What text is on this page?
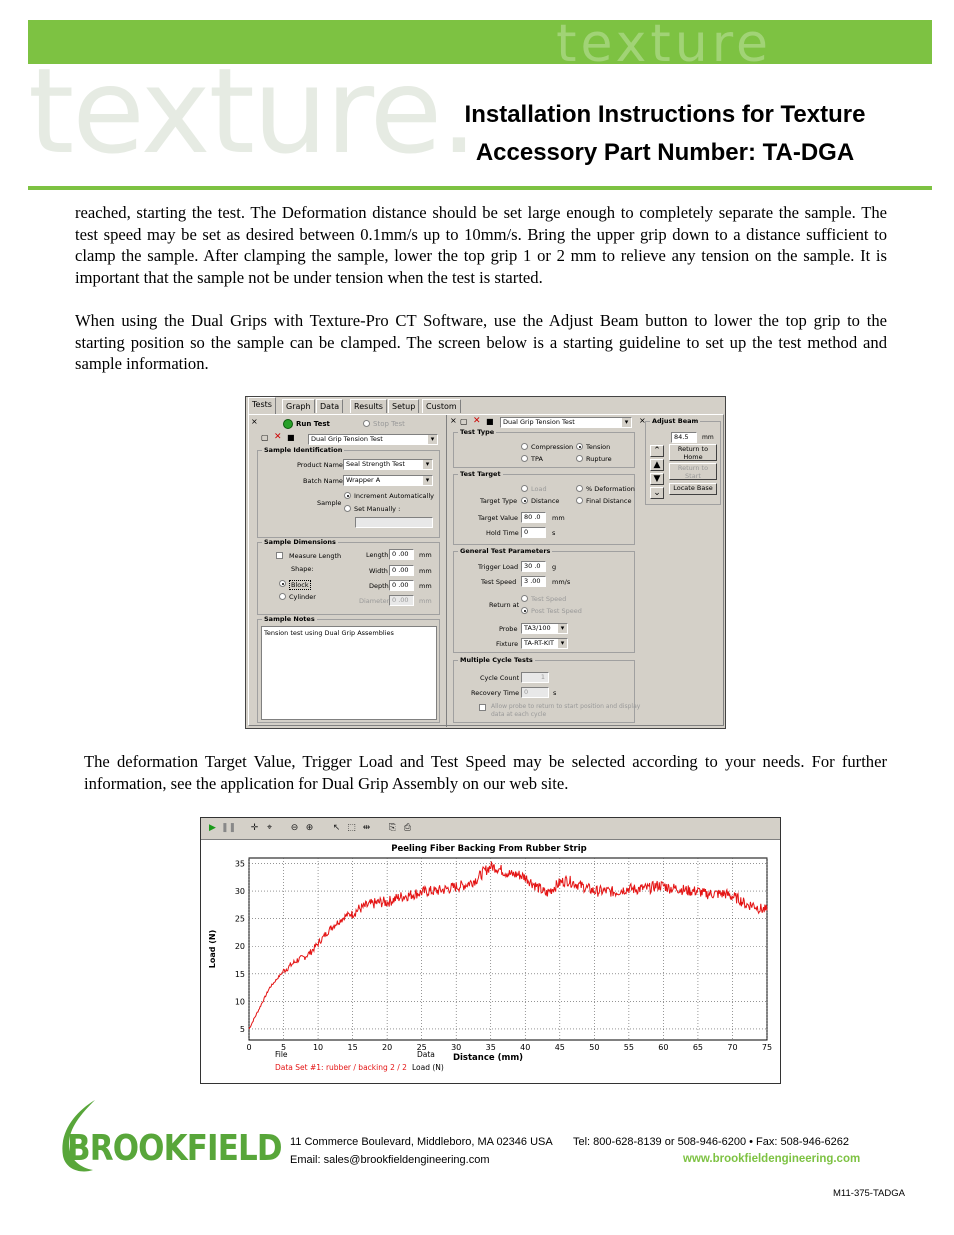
texture
texture.
Installation Instructions for Texture
Accessory Part Number: TA-DGA

reached, starting the test. The Deformation distance should be set large enough to completely separate the sample. The test speed may be set as desired between 0.1mm/s up to 10mm/s. Bring the upper grip down to a distance sufficient to clamp the sample. After clamping the sample, lower the top grip 1 or 2 mm to relieve any tension on the sample. It is important that the sample not be under tension when the test is started.

When using the Dual Grips with Texture-Pro CT Software, use the Adjust Beam button to lower the top grip to the starting position so the sample can be clamped. The screen below is a starting guideline to set up the test method and sample information.

Tests	Graph	Data	Results	Setup	Custom
×	Run Test	Stop Test
▢ ✕ ■	Dual Grip Tension Test ▾
Sample Identification
Product Name Seal Strength Test ▾
Batch Name Wrapper A ▾
Sample
Increment Automatically
Set Manually :
Sample Dimensions
Measure Length
Shape:
Block
Cylinder
Length 0 .00	mm
Width 0 .00	mm
Depth 0 .00	mm
Diameter 0 .00	mm
Sample Notes
Tension test using Dual Grip Assemblies
× ▢ ✕ ■	Dual Grip Tension Test ▾
Test Type
Compression Tension
TPA	Rupture
Test Target
Load	% Deformation
Target Type Distance	Final Distance
Target Value 80 .0	mm
Hold Time 0	s
General Test Parameters
Trigger Load 30 .0	g
Test Speed	3 .00	mm/s
Return at
Test Speed
Post Test Speed
Probe	TA3/100 ▾
Fixture TA-RT-KIT ▾
Multiple Cycle Tests
Cycle Count	1
Recovery Time 0	s
Allow probe to return to start position and display
data at each cycle
× Adjust Beam
84.5	mm
⌃
▲
▼
⌄
Return to Home
Return to Start
Locate Base

The deformation Target Value, Trigger Load and Test Speed may be selected according to your needs. For further information, see the application for Dual Grip Assembly on our web site.

▶ ❚❚	✛ ⌖	⊖ ⊕	↖ ⬚ ⇹	⎘ ⎙
0	5	10	15	20	25	30	35	40	45	50	55	60	65	70	75
5
10
15
20
25
30
35
Peeling Fiber Backing From Rubber Strip
Distance (mm)
Load (N)
File	Data
Data Set #1: rubber / backing 2 / 2 Load (N)
BROOKFIELD 11 Commerce Boulevard, Middleboro, MA 02346 USA Tel: 800-628-8139 or 508-946-6200 • Fax: 508-946-6262
Email: sales@brookfieldengineering.com	www.brookfieldengineering.com
M11-375-TADGA
